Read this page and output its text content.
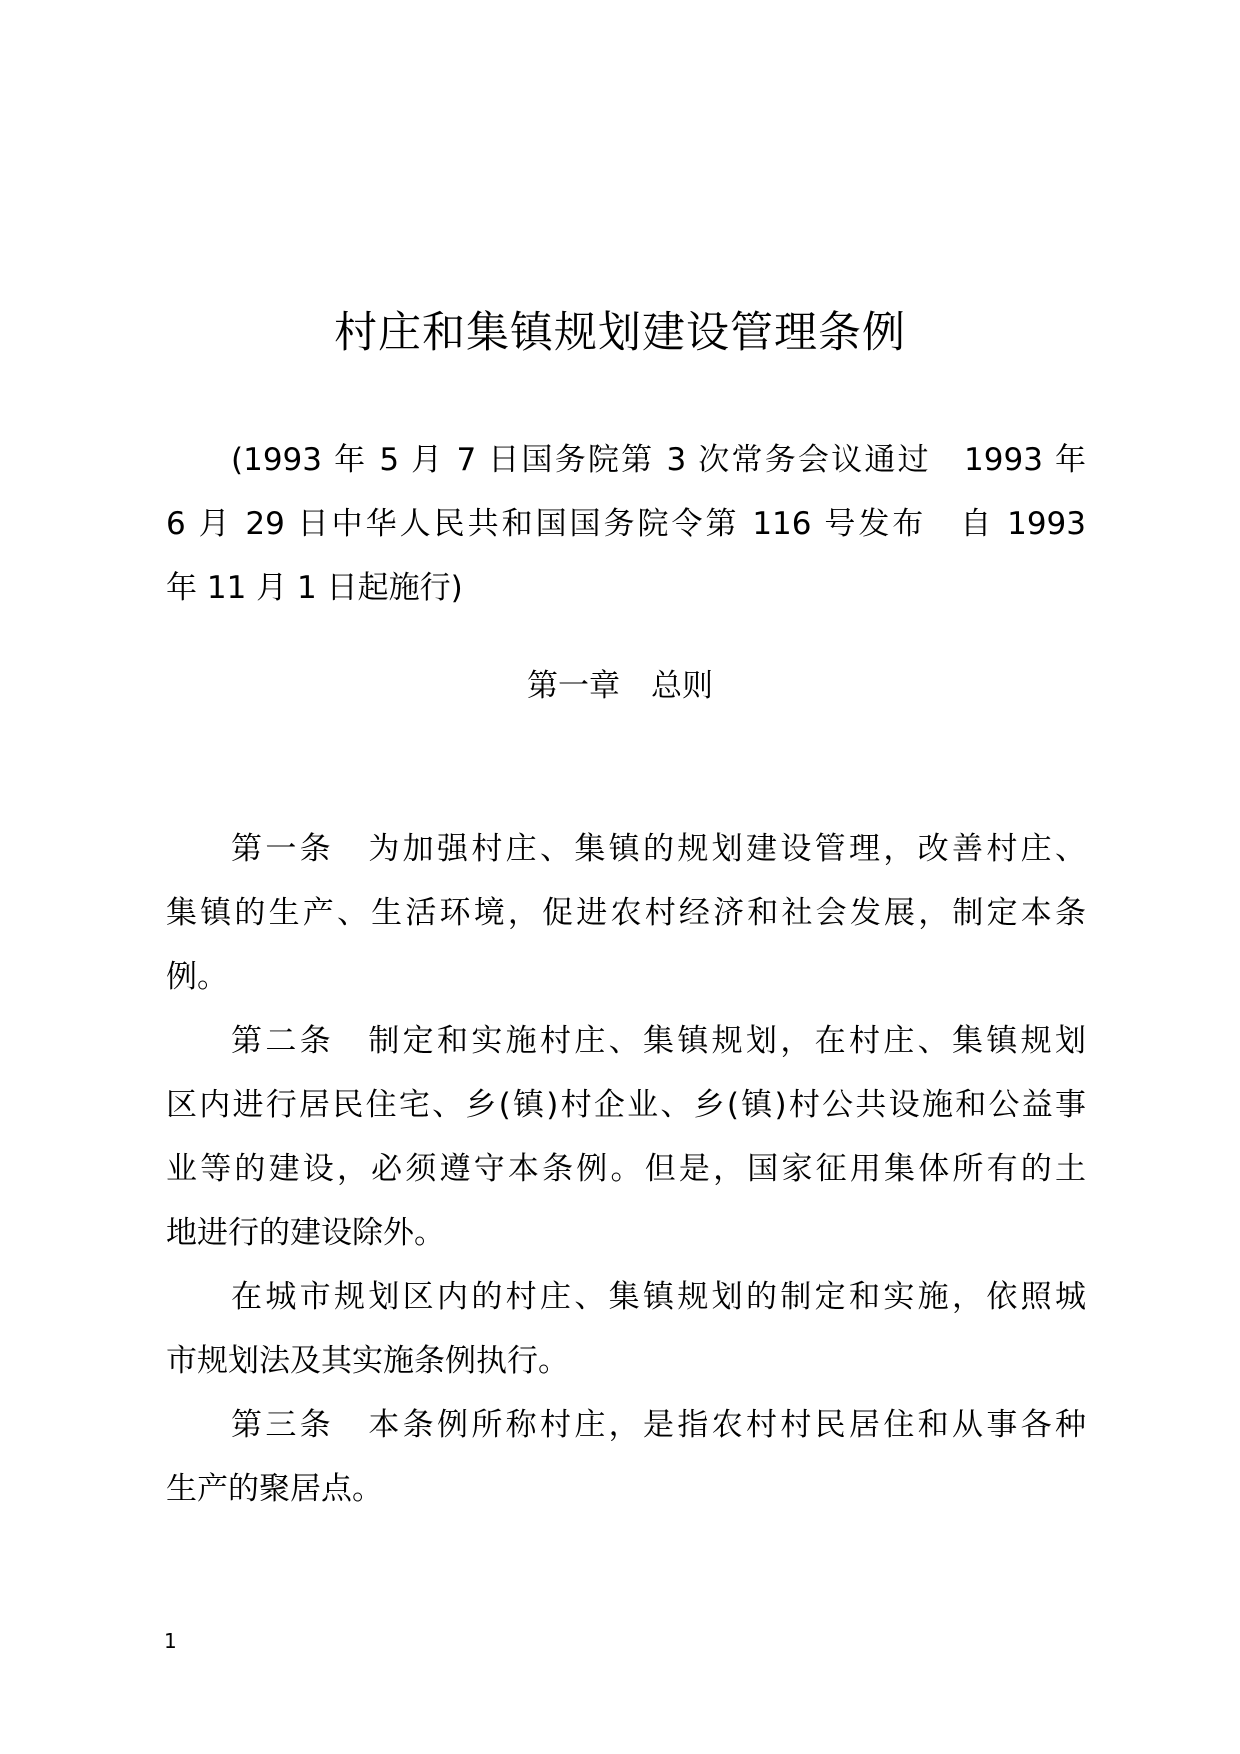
村庄和集镇规划建设管理条例
(1993 年 5 月 7 日国务院第 3 次常务会议通过　1993 年
6 月 29 日中华人民共和国国务院令第 116 号发布　自 1993
年 11 月 1 日起施行)
第一章　总则
第一条　为加强村庄、集镇的规划建设管理，改善村庄、
集镇的生产、生活环境，促进农村经济和社会发展，制定本条
例。
第二条　制定和实施村庄、集镇规划，在村庄、集镇规划
区内进行居民住宅、乡(镇)村企业、乡(镇)村公共设施和公益事
业等的建设，必须遵守本条例。但是，国家征用集体所有的土
地进行的建设除外。
在城市规划区内的村庄、集镇规划的制定和实施，依照城
市规划法及其实施条例执行。
第三条　本条例所称村庄，是指农村村民居住和从事各种
生产的聚居点。
1
